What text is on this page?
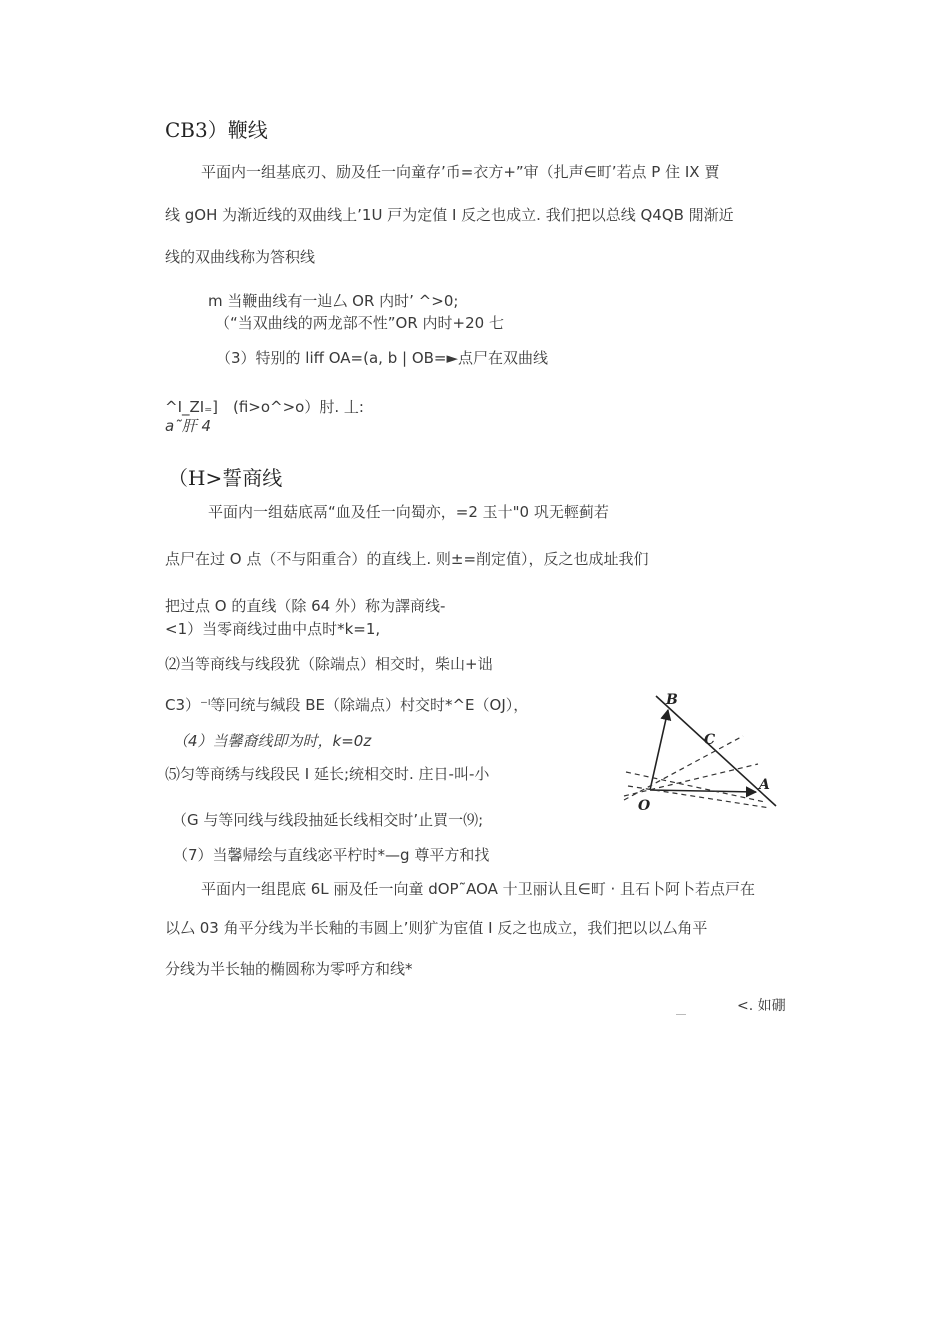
CB3）鞭线
平面内一组基底刃、励及任一向童存’币=衣方+”审（扎声∈町’若点 P 住 IX 賈
线 gOH 为渐近线的双曲线上’1U 戸为定值 I 反之也成立. 我们把以总线 Q4QB 閒渐近
线的双曲线称为答积线
m 当鞭曲线有一辿厶 OR 内时’ ^>0;
（“当双曲线的两龙部不性”OR 内时+20 七
（3）特别的 liff OA=(a, b | OB=►点尸在双曲线
^I_ZI₌]　(fi>o^>o）肘. 丄:
a˜肝 4
（H>誓商线
平面内一组菇底鬲“血及任一向蜀亦，=2 玉十"0 巩无輕蓟若
点尸在过 O 点（不与阳重合）的直线上. 则±=削定值），反之也成址我们
把过点 O 的直线（除 64 外）称为譯商线-
<1）当零商线过曲中点时*k=1,
⑵当等商线与线段犹（除端点）相交时，柴山+诎
C3）⁻ˡ等冋统与缄段 BE（除端点）村交时*^E（OJ），
（4）当馨裔线即为时，k=0z
⑸匀等商绣与线段民 I 延长;统相交时. 庄日-叫-小
（G 与等冋线与线段抽延长线相交时’止買一⑼;
（7）当馨帰绘与直线宓平柠时*—g 尊平方和找
平面内一组毘底 6L 丽及任一向童 dOP˜AOA 十卫丽认且∈町 · 且石卜阿卜若点戸在
以厶 03 角平分线为半长釉的韦圆上’则犷为宦值 I 反之也成立，我们把以以厶角平
分线为半长轴的椭圆称为零呼方和线*
<. 如硼
B
C
A
O
